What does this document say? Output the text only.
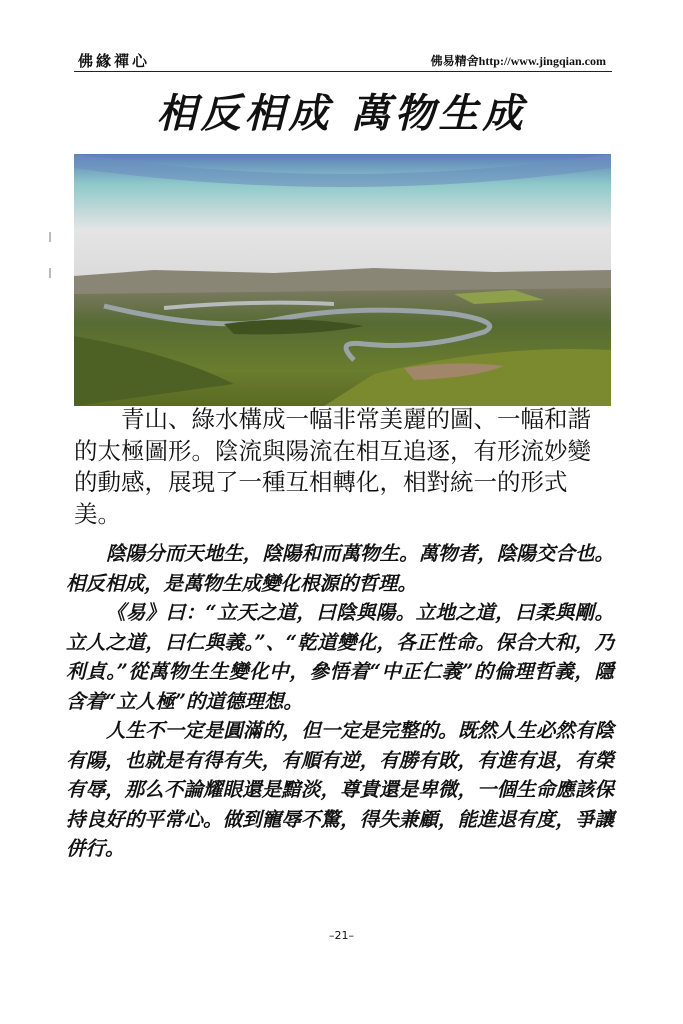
佛緣禪心	佛易精舍http://www.jingqian.com
相反相成 萬物生成

青山、綠水構成一幅非常美麗的圖、一幅和諧的太極圖形。陰流與陽流在相互追逐，有形流妙變的動感，展現了一種互相轉化，相對統一的形式美。

陰陽分而天地生，陰陽和而萬物生。萬物者，陰陽交合也。相反相成，是萬物生成變化根源的哲理。

《易》曰：“立天之道，曰陰與陽。立地之道，曰柔與剛。立人之道，曰仁與義。”、“乾道變化，各正性命。保合大和，乃利貞。”從萬物生生變化中，參悟着“中正仁義”的倫理哲義，隱含着“立人極”的道德理想。

人生不一定是圓滿的，但一定是完整的。既然人生必然有陰有陽，也就是有得有失，有順有逆，有勝有敗，有進有退，有榮有辱，那么不論耀眼還是黯淡，尊貴還是卑微，一個生命應該保持良好的平常心。做到寵辱不驚，得失兼顧，能進退有度，爭讓併行。

–21–
